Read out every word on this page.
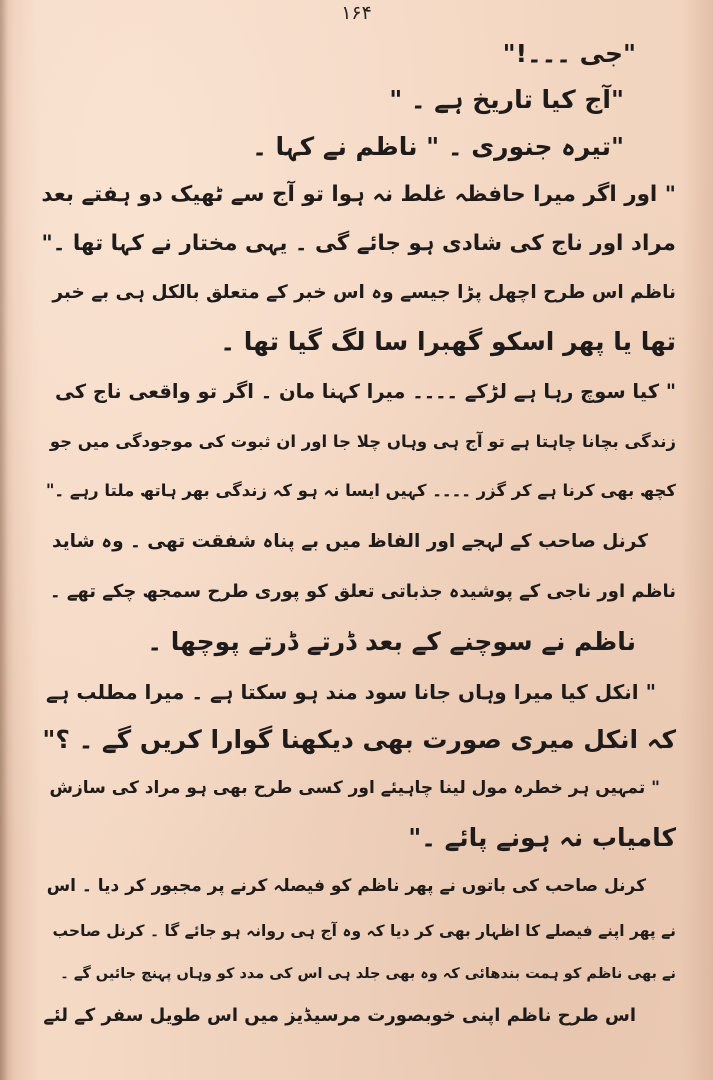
۱۶۴
"جی ۔۔۔!"
"آج کیا تاریخ ہے ۔ "
"تیرہ جنوری ۔ " ناظم نے کہا ۔
" اور اگر میرا حافظہ غلط نہ ہوا تو آج سے ٹھیک دو ہفتے بعد
مراد اور ناج کی شادی ہو جائے گی ۔ یہی مختار نے کہا تھا ۔"
ناظم اس طرح اچھل پڑا جیسے وہ اس خبر کے متعلق بالکل ہی بے خبر
تھا یا پھر اسکو گھبرا سا لگ گیا تھا ۔
" کیا سوچ رہا ہے لڑکے ۔۔۔۔ میرا کہنا مان ۔ اگر تو واقعی ناج کی
زندگی بچانا چاہتا ہے تو آج ہی وہاں چلا جا اور ان ثبوت کی موجودگی میں جو
کچھ بھی کرنا ہے کر گزر ۔۔۔۔ کہیں ایسا نہ ہو کہ زندگی بھر ہاتھ ملتا رہے ۔"
کرنل صاحب کے لہجے اور الفاظ میں بے پناہ شفقت تھی ۔ وہ شاید
ناظم اور ناجی کے پوشیدہ جذباتی تعلق کو پوری طرح سمجھ چکے تھے ۔
ناظم نے سوچنے کے بعد ڈرتے ڈرتے پوچھا ۔
" انکل کیا میرا وہاں جانا سود مند ہو سکتا ہے ۔ میرا مطلب ہے
کہ انکل میری صورت بھی دیکھنا گوارا کریں گے ۔ ؟"
" تمہیں ہر خطرہ مول لینا چاہیئے اور کسی طرح بھی ہو مراد کی سازش
کامیاب نہ ہونے پائے ۔"
کرنل صاحب کی باتوں نے پھر ناظم کو فیصلہ کرنے پر مجبور کر دیا ۔ اس
نے پھر اپنے فیصلے کا اظہار بھی کر دیا کہ وہ آج ہی روانہ ہو جائے گا ۔ کرنل صاحب
نے بھی ناظم کو ہمت بندھائی کہ وہ بھی جلد ہی اس کی مدد کو وہاں پہنچ جائیں گے ۔
اس طرح ناظم اپنی خوبصورت مرسیڈیز میں اس طویل سفر کے لئے
